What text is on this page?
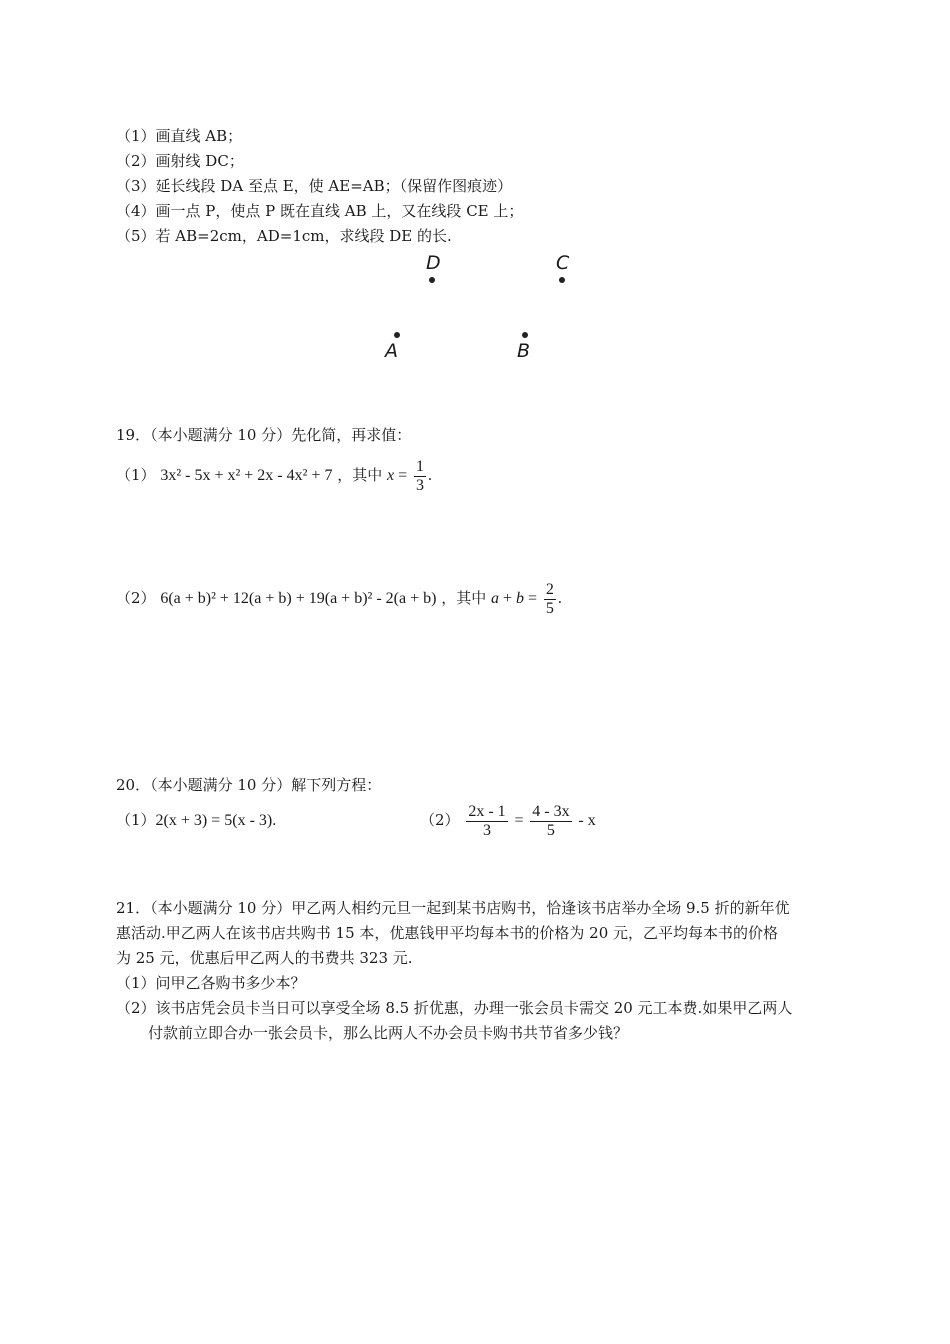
（1）画直线 AB；
（2）画射线 DC；
（3）延长线段 DA 至点 E，使 AE=AB；（保留作图痕迹）
（4）画一点 P，使点 P 既在直线 AB 上，又在线段 CE 上；
（5）若 AB=2cm，AD=1cm，求线段 DE 的长.
D	C
A	B
19．（本小题满分 10 分）先化简，再求值：
（1） 3x² - 5x + x² + 2x - 4x² + 7 ，其中 $x = \frac{1}{3}$ .
（2） 6(a + b)² + 12(a + b) + 19(a + b)² - 2(a + b) ，其中 $a + b = \frac{2}{5}$ .
20．（本小题满分 10 分）解下列方程：
（1）2(x + 3) = 5(x - 3).	$(2) \frac{2x - 1}{3} = \frac{4 - 3x}{5} - x$
21．（本小题满分 10 分）甲乙两人相约元旦一起到某书店购书，恰逢该书店举办全场 9.5 折的新年优
惠活动.甲乙两人在该书店共购书 15 本，优惠钱甲平均每本书的价格为 20 元，乙平均每本书的价格
为 25 元，优惠后甲乙两人的书费共 323 元.
（1）问甲乙各购书多少本？
（2）该书店凭会员卡当日可以享受全场 8.5 折优惠，办理一张会员卡需交 20 元工本费.如果甲乙两人
付款前立即合办一张会员卡，那么比两人不办会员卡购书共节省多少钱？
